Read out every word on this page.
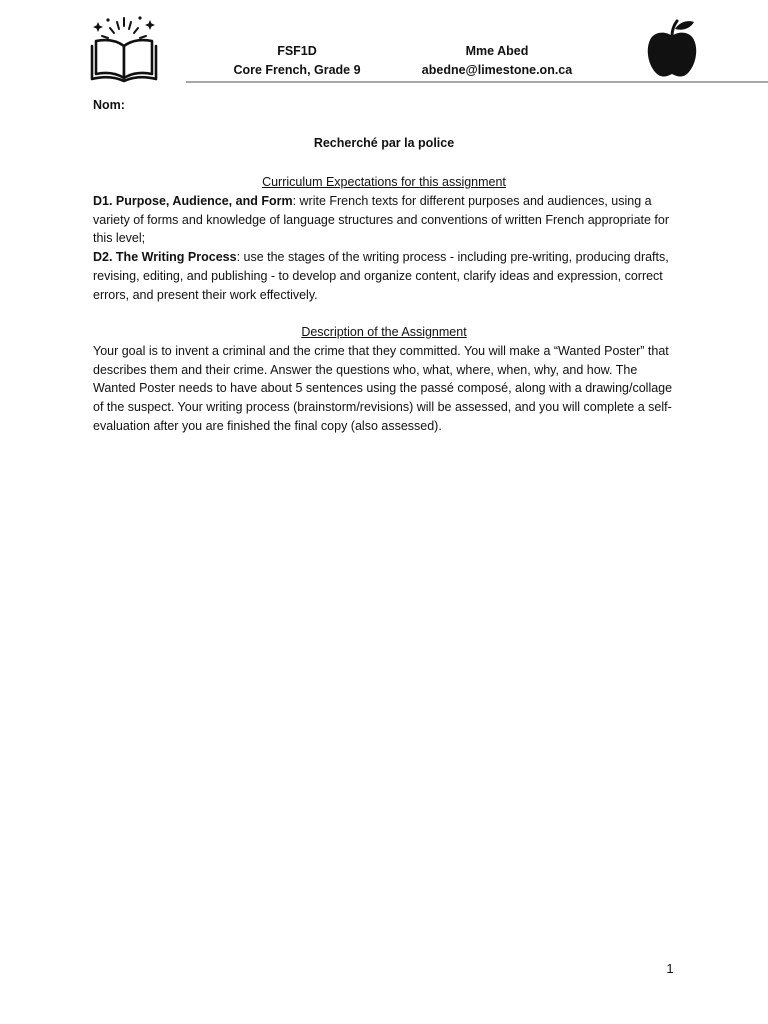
FSF1D
Core French, Grade 9
Mme Abed
abedne@limestone.on.ca
Nom:
Recherché par la police

Curriculum Expectations for this assignment

D1. Purpose, Audience, and Form: write French texts for different purposes and audiences, using a variety of forms and knowledge of language structures and conventions of written French appropriate for this level;

D2. The Writing Process: use the stages of the writing process - including pre-writing, producing drafts, revising, editing, and publishing - to develop and organize content, clarify ideas and expression, correct errors, and present their work effectively.

Description of the Assignment

Your goal is to invent a criminal and the crime that they committed. You will make a “Wanted Poster” that describes them and their crime. Answer the questions who, what, where, when, why, and how. The Wanted Poster needs to have about 5 sentences using the passé composé, along with a drawing/collage of the suspect. Your writing process (brainstorm/revisions) will be assessed, and you will complete a self-evaluation after you are finished the final copy (also assessed).

1
